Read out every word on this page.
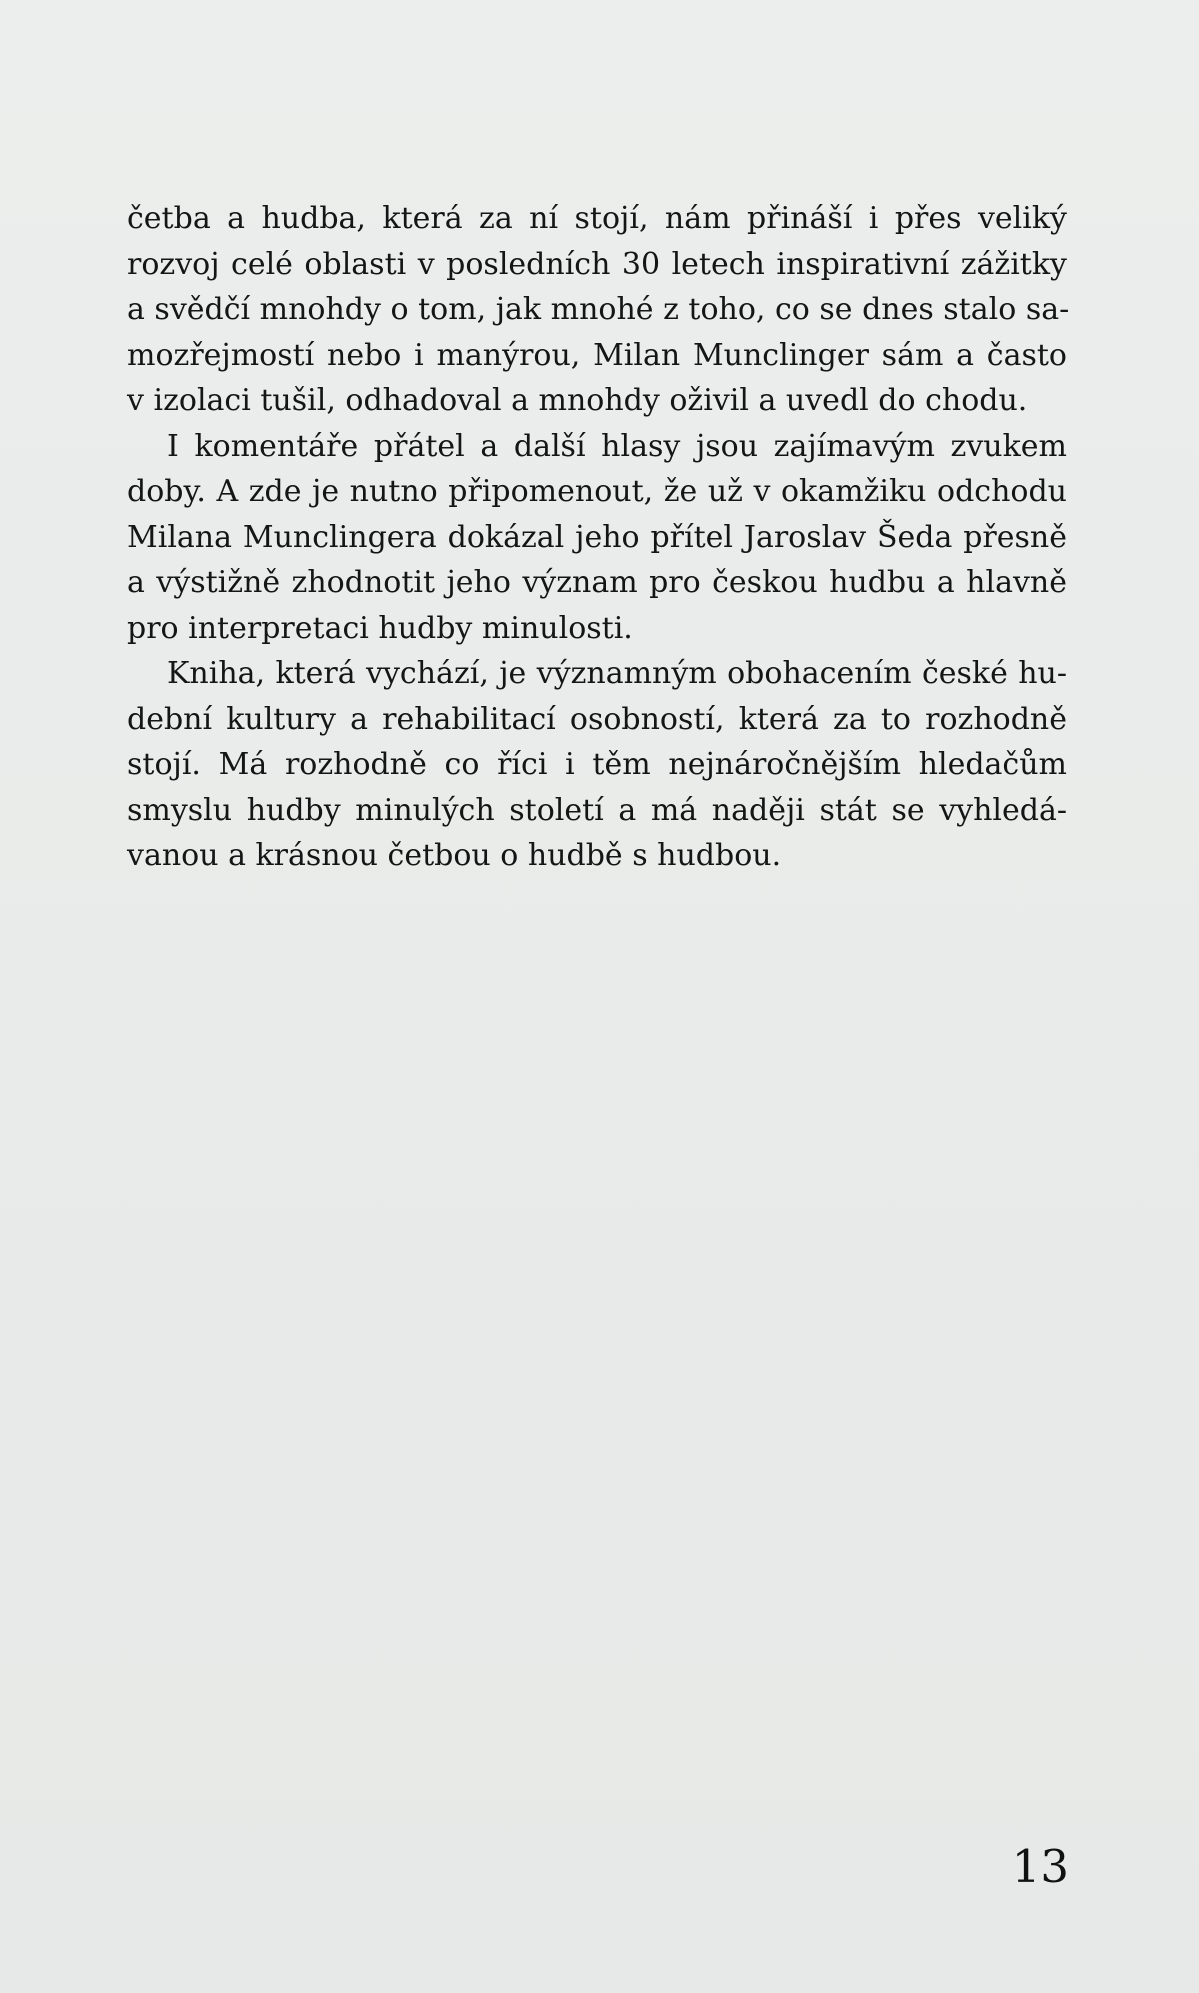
četba a hudba, která za ní stojí, nám přináší i přes veliký
rozvoj celé oblasti v posledních 30 letech inspirativní zážitky
a svědčí mnohdy o tom, jak mnohé z toho, co se dnes stalo sa-
mozřejmostí nebo i manýrou, Milan Munclinger sám a často
v izolaci tušil, odhadoval a mnohdy oživil a uvedl do chodu.
I komentáře přátel a další hlasy jsou zajímavým zvukem
doby. A zde je nutno připomenout, že už v okamžiku odchodu
Milana Munclingera dokázal jeho přítel Jaroslav Šeda přesně
a výstižně zhodnotit jeho význam pro českou hudbu a hlavně
pro interpretaci hudby minulosti.
Kniha, která vychází, je významným obohacením české hu-
dební kultury a rehabilitací osobností, která za to rozhodně
stojí. Má rozhodně co říci i těm nejnáročnějším hledačům
smyslu hudby minulých století a má naději stát se vyhledá-
vanou a krásnou četbou o hudbě s hudbou.
13
